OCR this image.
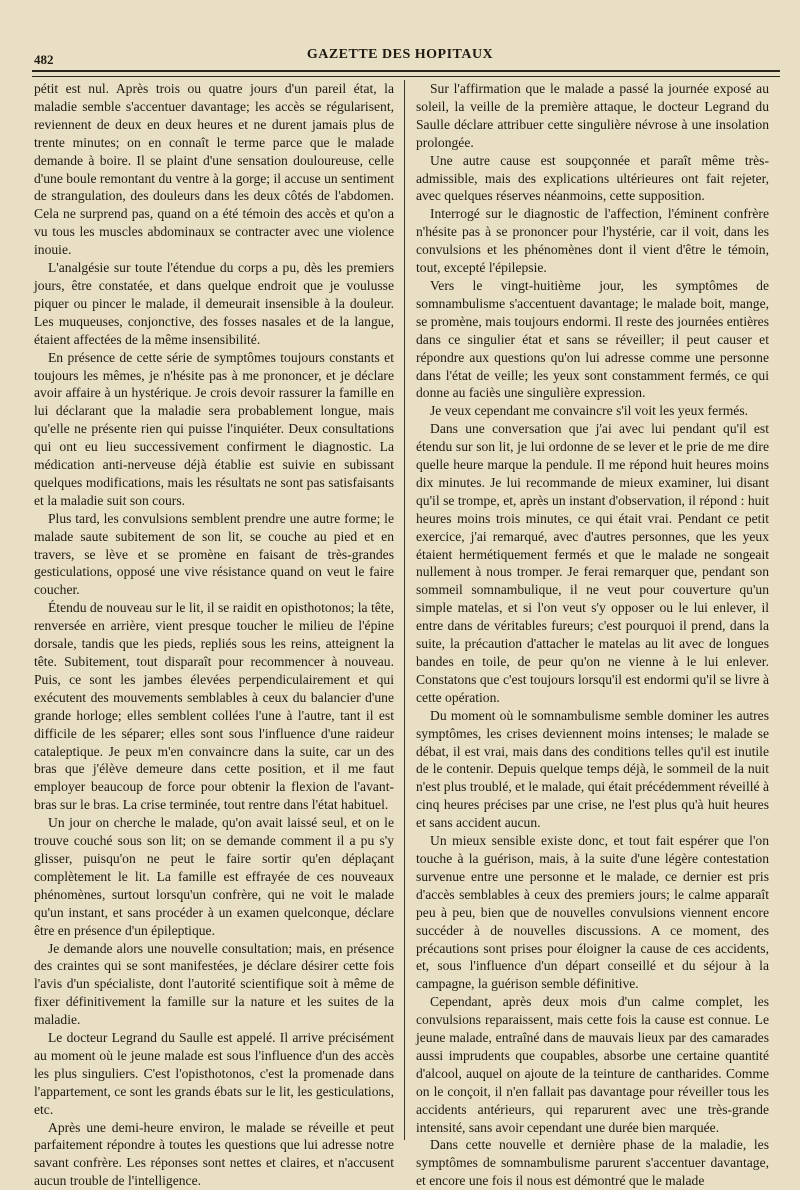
482	GAZETTE DES HOPITAUX

pétit est nul. Après trois ou quatre jours d'un pareil état, la maladie semble s'accentuer davantage; les accès se régularisent, reviennent de deux en deux heures et ne durent jamais plus de trente minutes; on en connaît le terme parce que le malade demande à boire. Il se plaint d'une sensation douloureuse, celle d'une boule remontant du ventre à la gorge; il accuse un sentiment de strangulation, des douleurs dans les deux côtés de l'abdomen. Cela ne surprend pas, quand on a été témoin des accès et qu'on a vu tous les muscles abdominaux se contracter avec une violence inouie.

L'analgésie sur toute l'étendue du corps a pu, dès les premiers jours, être constatée, et dans quelque endroit que je voulusse piquer ou pincer le malade, il demeurait insensible à la douleur. Les muqueuses, conjonctive, des fosses nasales et de la langue, étaient affectées de la même insensibilité.

En présence de cette série de symptômes toujours constants et toujours les mêmes, je n'hésite pas à me prononcer, et je déclare avoir affaire à un hystérique. Je crois devoir rassurer la famille en lui déclarant que la maladie sera probablement longue, mais qu'elle ne présente rien qui puisse l'inquiéter. Deux consultations qui ont eu lieu successivement confirment le diagnostic. La médication anti-nerveuse déjà établie est suivie en subissant quelques modifications, mais les résultats ne sont pas satisfaisants et la maladie suit son cours.

Plus tard, les convulsions semblent prendre une autre forme; le malade saute subitement de son lit, se couche au pied et en travers, se lève et se promène en faisant de très-grandes gesticulations, opposé une vive résistance quand on veut le faire coucher.

Étendu de nouveau sur le lit, il se raidit en opisthotonos; la tête, renversée en arrière, vient presque toucher le milieu de l'épine dorsale, tandis que les pieds, repliés sous les reins, atteignent la tête. Subitement, tout disparaît pour recommencer à nouveau. Puis, ce sont les jambes élevées perpendiculairement et qui exécutent des mouvements semblables à ceux du balancier d'une grande horloge; elles semblent collées l'une à l'autre, tant il est difficile de les séparer; elles sont sous l'influence d'une raideur cataleptique. Je peux m'en convaincre dans la suite, car un des bras que j'élève demeure dans cette position, et il me faut employer beaucoup de force pour obtenir la flexion de l'avant-bras sur le bras. La crise terminée, tout rentre dans l'état habituel.

Un jour on cherche le malade, qu'on avait laissé seul, et on le trouve couché sous son lit; on se demande comment il a pu s'y glisser, puisqu'on ne peut le faire sortir qu'en déplaçant complètement le lit. La famille est effrayée de ces nouveaux phénomènes, surtout lorsqu'un confrère, qui ne voit le malade qu'un instant, et sans procéder à un examen quelconque, déclare être en présence d'un épileptique.

Je demande alors une nouvelle consultation; mais, en présence des craintes qui se sont manifestées, je déclare désirer cette fois l'avis d'un spécialiste, dont l'autorité scientifique soit à même de fixer définitivement la famille sur la nature et les suites de la maladie.

Le docteur Legrand du Saulle est appelé. Il arrive précisément au moment où le jeune malade est sous l'influence d'un des accès les plus singuliers. C'est l'opisthotonos, c'est la promenade dans l'appartement, ce sont les grands ébats sur le lit, les gesticulations, etc.

Après une demi-heure environ, le malade se réveille et peut parfaitement répondre à toutes les questions que lui adresse notre savant confrère. Les réponses sont nettes et claires, et n'accusent aucun trouble de l'intelligence.

Sur l'affirmation que le malade a passé la journée exposé au soleil, la veille de la première attaque, le docteur Legrand du Saulle déclare attribuer cette singulière névrose à une insolation prolongée.

Une autre cause est soupçonnée et paraît même très-admissible, mais des explications ultérieures ont fait rejeter, avec quelques réserves néanmoins, cette supposition.

Interrogé sur le diagnostic de l'affection, l'éminent confrère n'hésite pas à se prononcer pour l'hystérie, car il voit, dans les convulsions et les phénomènes dont il vient d'être le témoin, tout, excepté l'épilepsie.

Vers le vingt-huitième jour, les symptômes de somnambulisme s'accentuent davantage; le malade boit, mange, se promène, mais toujours endormi. Il reste des journées entières dans ce singulier état et sans se réveiller; il peut causer et répondre aux questions qu'on lui adresse comme une personne dans l'état de veille; les yeux sont constamment fermés, ce qui donne au faciès une singulière expression.

Je veux cependant me convaincre s'il voit les yeux fermés.

Dans une conversation que j'ai avec lui pendant qu'il est étendu sur son lit, je lui ordonne de se lever et le prie de me dire quelle heure marque la pendule. Il me répond huit heures moins dix minutes. Je lui recommande de mieux examiner, lui disant qu'il se trompe, et, après un instant d'observation, il répond : huit heures moins trois minutes, ce qui était vrai. Pendant ce petit exercice, j'ai remarqué, avec d'autres personnes, que les yeux étaient hermétiquement fermés et que le malade ne songeait nullement à nous tromper. Je ferai remarquer que, pendant son sommeil somnambulique, il ne veut pour couverture qu'un simple matelas, et si l'on veut s'y opposer ou le lui enlever, il entre dans de véritables fureurs; c'est pourquoi il prend, dans la suite, la précaution d'attacher le matelas au lit avec de longues bandes en toile, de peur qu'on ne vienne à le lui enlever. Constatons que c'est toujours lorsqu'il est endormi qu'il se livre à cette opération.

Du moment où le somnambulisme semble dominer les autres symptômes, les crises deviennent moins intenses; le malade se débat, il est vrai, mais dans des conditions telles qu'il est inutile de le contenir. Depuis quelque temps déjà, le sommeil de la nuit n'est plus troublé, et le malade, qui était précédemment réveillé à cinq heures précises par une crise, ne l'est plus qu'à huit heures et sans accident aucun.

Un mieux sensible existe donc, et tout fait espérer que l'on touche à la guérison, mais, à la suite d'une légère contestation survenue entre une personne et le malade, ce dernier est pris d'accès semblables à ceux des premiers jours; le calme apparaît peu à peu, bien que de nouvelles convulsions viennent encore succéder à de nouvelles discussions. A ce moment, des précautions sont prises pour éloigner la cause de ces accidents, et, sous l'influence d'un départ conseillé et du séjour à la campagne, la guérison semble définitive.

Cependant, après deux mois d'un calme complet, les convulsions reparaissent, mais cette fois la cause est connue. Le jeune malade, entraîné dans de mauvais lieux par des camarades aussi imprudents que coupables, absorbe une certaine quantité d'alcool, auquel on ajoute de la teinture de cantharides. Comme on le conçoit, il n'en fallait pas davantage pour réveiller tous les accidents antérieurs, qui reparurent avec une très-grande intensité, sans avoir cependant une durée bien marquée.

Dans cette nouvelle et dernière phase de la maladie, les symptômes de somnambulisme parurent s'accentuer davantage, et encore une fois il nous est démontré que le malade
